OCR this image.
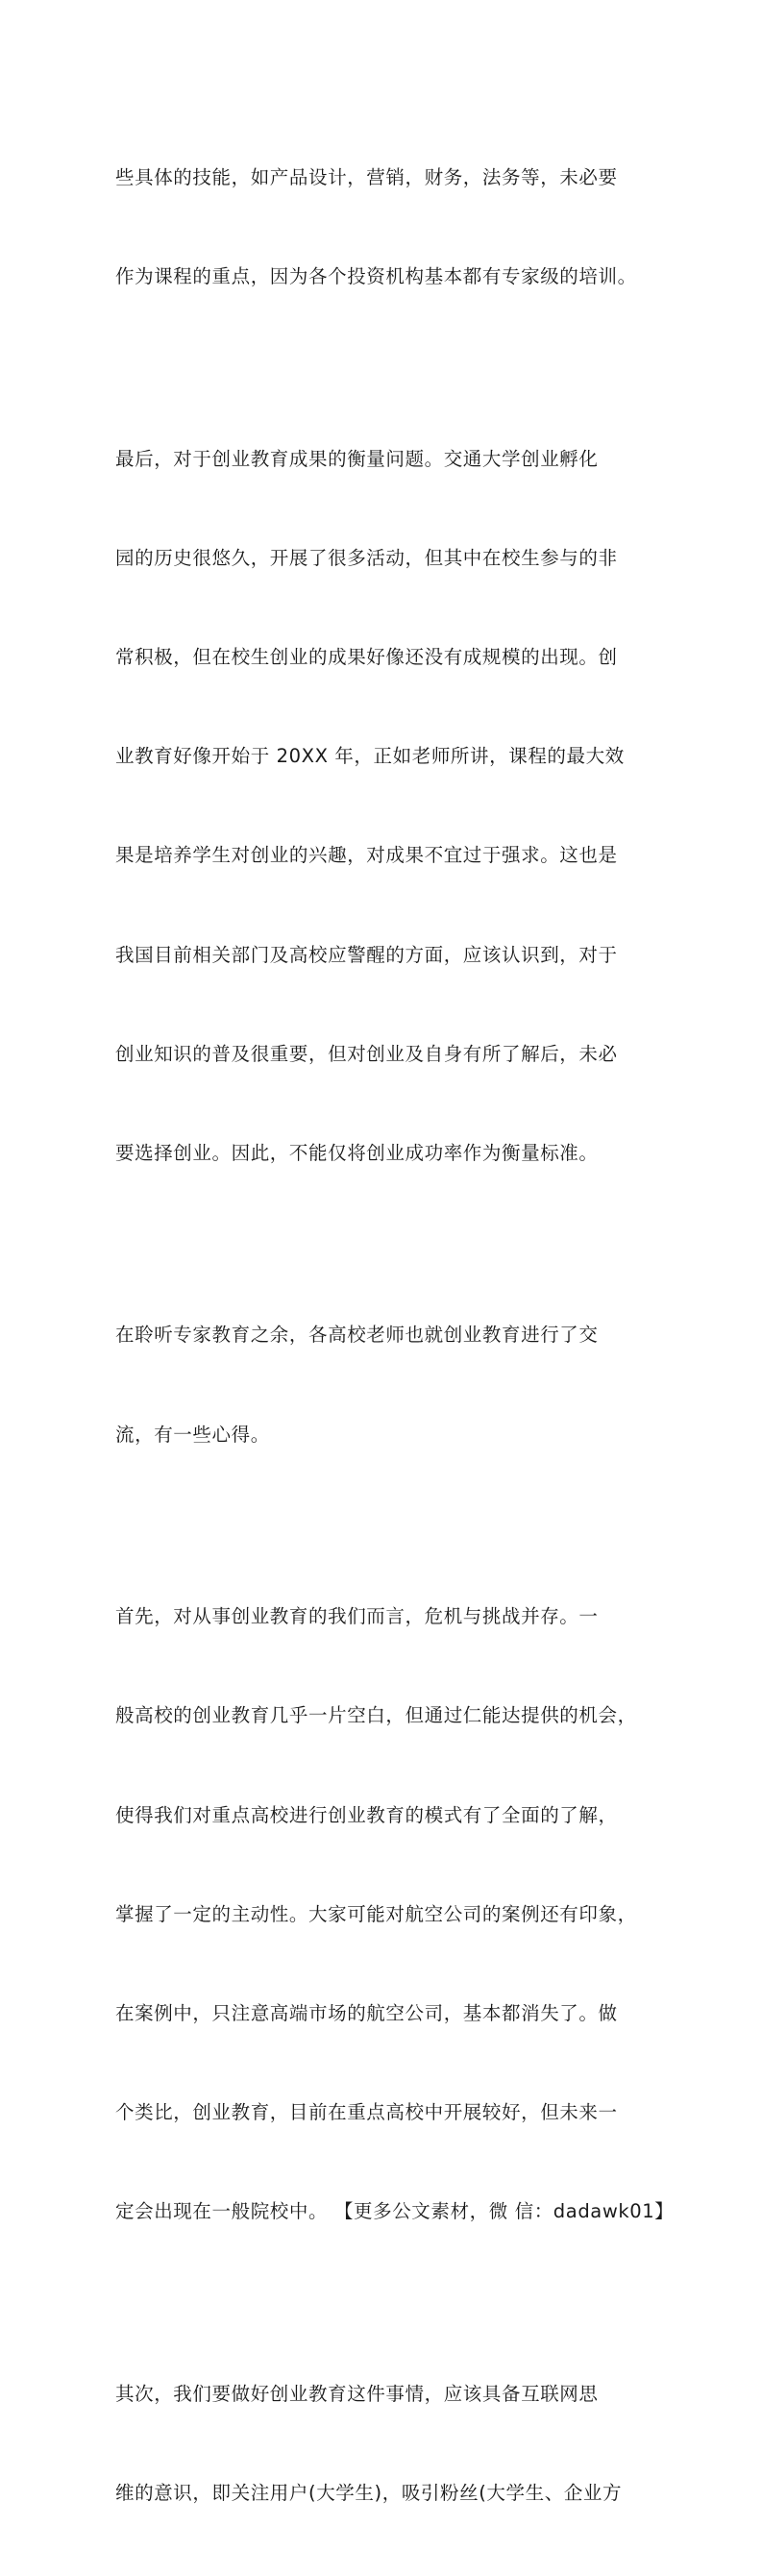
些具体的技能，如产品设计，营销，财务，法务等，未必要

作为课程的重点，因为各个投资机构基本都有专家级的培训。

最后，对于创业教育成果的衡量问题。交通大学创业孵化

园的历史很悠久，开展了很多活动，但其中在校生参与的非

常积极，但在校生创业的成果好像还没有成规模的出现。创

业教育好像开始于 20XX 年，正如老师所讲，课程的最大效

果是培养学生对创业的兴趣，对成果不宜过于强求。这也是

我国目前相关部门及高校应警醒的方面，应该认识到，对于

创业知识的普及很重要，但对创业及自身有所了解后，未必

要选择创业。因此，不能仅将创业成功率作为衡量标准。

在聆听专家教育之余，各高校老师也就创业教育进行了交

流，有一些心得。

首先，对从事创业教育的我们而言，危机与挑战并存。一

般高校的创业教育几乎一片空白，但通过仁能达提供的机会，

使得我们对重点高校进行创业教育的模式有了全面的了解，

掌握了一定的主动性。大家可能对航空公司的案例还有印象，

在案例中，只注意高端市场的航空公司，基本都消失了。做

个类比，创业教育，目前在重点高校中开展较好，但未来一

定会出现在一般院校中。 【更多公文素材，微 信：dadawk01】

其次，我们要做好创业教育这件事情，应该具备互联网思

维的意识，即关注用户(大学生)，吸引粉丝(大学生、企业方
